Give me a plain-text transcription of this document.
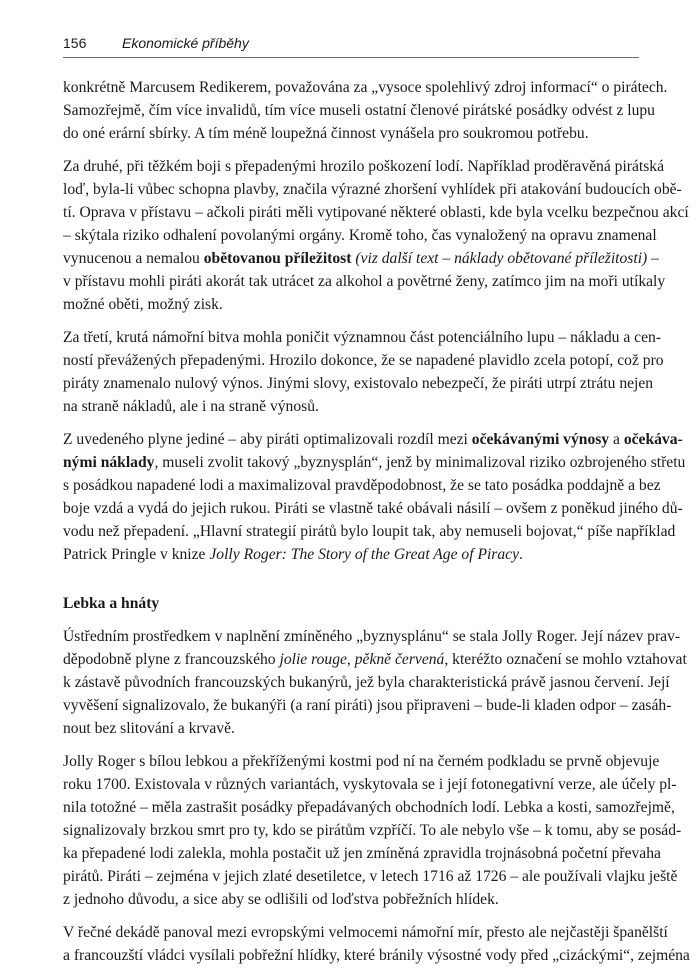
156	Ekonomické příběhy
konkrétně Marcusem Redikerem, považována za „vysoce spolehlivý zdroj informací“ o pirátech.
Samozřejmě, čím více invalidů, tím více museli ostatní členové pirátské posádky odvést z lupu
do oné erární sbírky. A tím méně loupežná činnost vynášela pro soukromou potřebu.
Za druhé, při těžkém boji s přepadenými hrozilo poškození lodí. Například proděravěná pirátská
loď, byla-li vůbec schopna plavby, značila výrazné zhoršení vyhlídek při atakování budoucích obě-
tí. Oprava v přístavu – ačkoli piráti měli vytipované některé oblasti, kde byla vcelku bezpečnou akcí
– skýtala riziko odhalení povolanými orgány. Kromě toho, čas vynaložený na opravu znamenal
vynucenou a nemalou obětovanou příležitost (viz další text – náklady obětované příležitosti) –
v přístavu mohli piráti akorát tak utrácet za alkohol a povětrné ženy, zatímco jim na moři utíkaly
možné oběti, možný zisk.
Za třetí, krutá námořní bitva mohla poničit významnou část potenciálního lupu – nákladu a cen-
ností převážených přepadenými. Hrozilo dokonce, že se napadené plavidlo zcela potopí, což pro
piráty znamenalo nulový výnos. Jinými slovy, existovalo nebezpečí, že piráti utrpí ztrátu nejen
na straně nákladů, ale i na straně výnosů.
Z uvedeného plyne jediné – aby piráti optimalizovali rozdíl mezi očekávanými výnosy a očekáva-
nými náklady, museli zvolit takový „byznysplán“, jenž by minimalizoval riziko ozbrojeného střetu
s posádkou napadené lodi a maximalizoval pravděpodobnost, že se tato posádka poddajně a bez
boje vzdá a vydá do jejich rukou. Piráti se vlastně také obávali násilí – ovšem z poněkud jiného dů-
vodu než přepadení. „Hlavní strategií pirátů bylo loupit tak, aby nemuseli bojovat,“ píše například
Patrick Pringle v knize Jolly Roger: The Story of the Great Age of Piracy.
Lebka a hnáty
Ústředním prostředkem v naplnění zmíněného „byznysplánu“ se stala Jolly Roger. Její název prav-
děpodobně plyne z francouzského jolie rouge, pěkně červená, kteréžto označení se mohlo vztahovat
k zástavě původních francouzských bukanýrů, jež byla charakteristická právě jasnou červení. Její
vyvěšení signalizovalo, že bukanýři (a raní piráti) jsou připraveni – bude-li kladen odpor – zasáh-
nout bez slitování a krvavě.
Jolly Roger s bílou lebkou a překříženými kostmi pod ní na černém podkladu se prvně objevuje
roku 1700. Existovala v různých variantách, vyskytovala se i její fotonegativní verze, ale účely pl-
nila totožné – měla zastrašit posádky přepadávaných obchodních lodí. Lebka a kosti, samozřejmě,
signalizovaly brzkou smrt pro ty, kdo se pirátům vzpříčí. To ale nebylo vše – k tomu, aby se posád-
ka přepadené lodi zalekla, mohla postačit už jen zmíněná zpravidla trojnásobná početní převaha
pirátů. Piráti – zejména v jejich zlaté desetiletce, v letech 1716 až 1726 – ale používali vlajku ještě
z jednoho důvodu, a sice aby se odlišili od loďstva pobřežních hlídek.
V řečné dekádě panoval mezi evropskými velmocemi námořní mír, přesto ale nejčastěji španělští
a francouzští vládci vysílali pobřežní hlídky, které bránily výsostné vody před „cizáckými“, zejména
